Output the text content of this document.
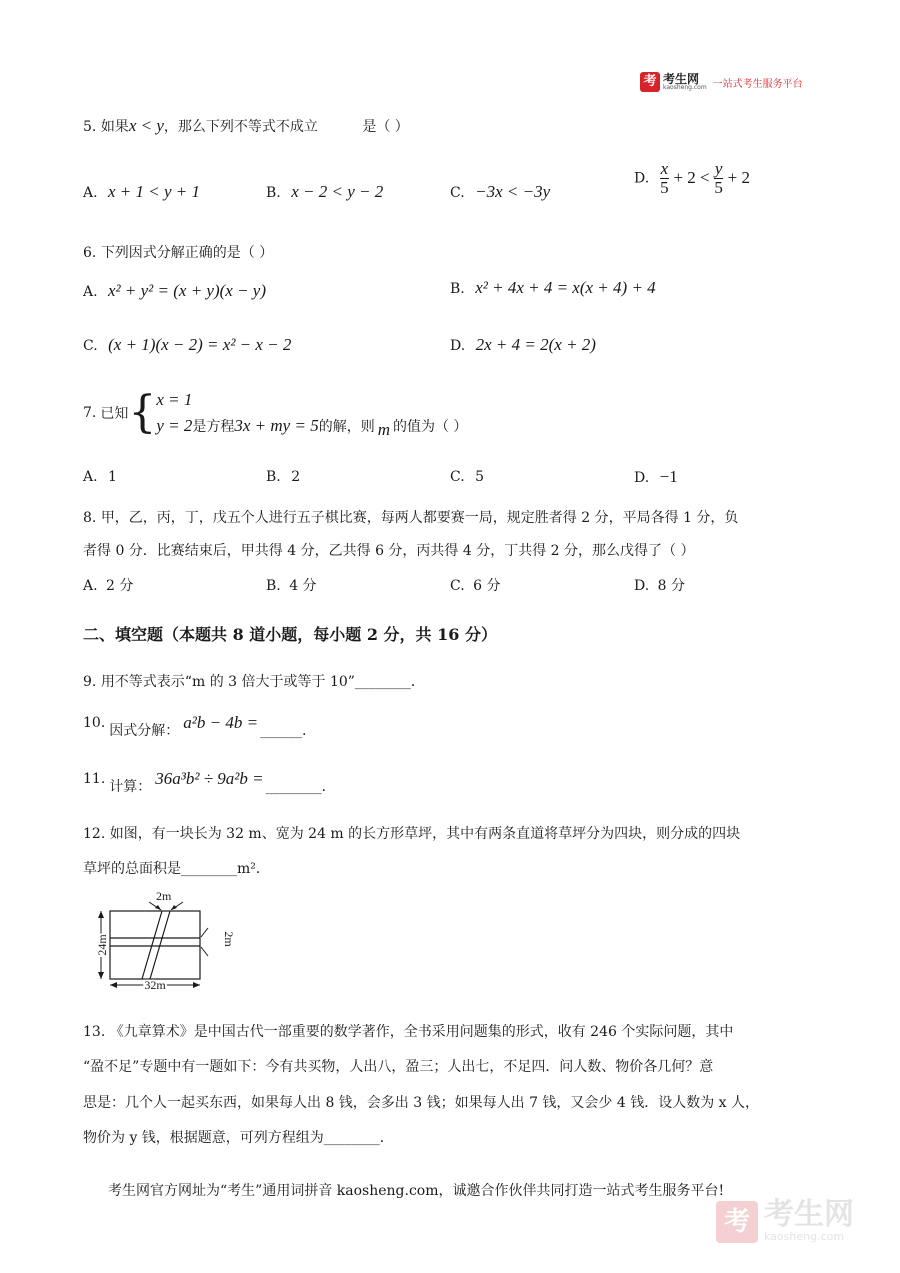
考 考生网
kaosheng.com 一站式考生服务平台
5. 如果x < y，那么下列不等式不成立	是（ ）
A. x + 1 < y + 1	B. x − 2 < y − 2	C. −3x < −3y
D. $\frac{x}{5} + 2 < \frac{y}{5} + 2$
6. 下列因式分解正确的是（ ）
A. x² + y² = (x + y)(x − y)	B. x² + 4x + 4 = x(x + 4) + 4
C. (x + 1)(x − 2) = x² − x − 2	D. 2x + 4 = 2(x + 2)
7. 已知 { x = 1
y = 2 是方程 3x + my = 5 的解，则 m 的值为（ ）
A. 1	B. 2	C. 5	D. −1
8. 甲，乙，丙，丁，戊五个人进行五子棋比赛，每两人都要赛一局，规定胜者得 2 分，平局各得 1 分，负
者得 0 分．比赛结束后，甲共得 4 分，乙共得 6 分，丙共得 4 分，丁共得 2 分，那么戊得了（ ）
A. 2 分	B. 4 分	C. 6 分	D. 8 分
二、填空题（本题共 8 道小题，每小题 2 分，共 16 分）
9. 用不等式表示“m 的 3 倍大于或等于 10”________．
10. 因式分解： a²b − 4b = ______．
11. 计算： 36a³b² ÷ 9a²b = ________．
12. 如图，有一块长为 32 m、宽为 24 m 的长方形草坪，其中有两条直道将草坪分为四块，则分成的四块
草坪的总面积是________m²．
2m
2m
24m
32m
13. 《九章算术》是中国古代一部重要的数学著作，全书采用问题集的形式，收有 246 个实际问题，其中
“盈不足”专题中有一题如下：今有共买物，人出八，盈三；人出七，不足四．问人数、物价各几何？意
思是：几个人一起买东西，如果每人出 8 钱，会多出 3 钱；如果每人出 7 钱，又会少 4 钱．设人数为 x 人，
物价为 y 钱，根据题意，可列方程组为________．
考生网官方网址为“考生”通用词拼音 kaosheng.com，诚邀合作伙伴共同打造一站式考生服务平台!
考 考生网
kaosheng.com
